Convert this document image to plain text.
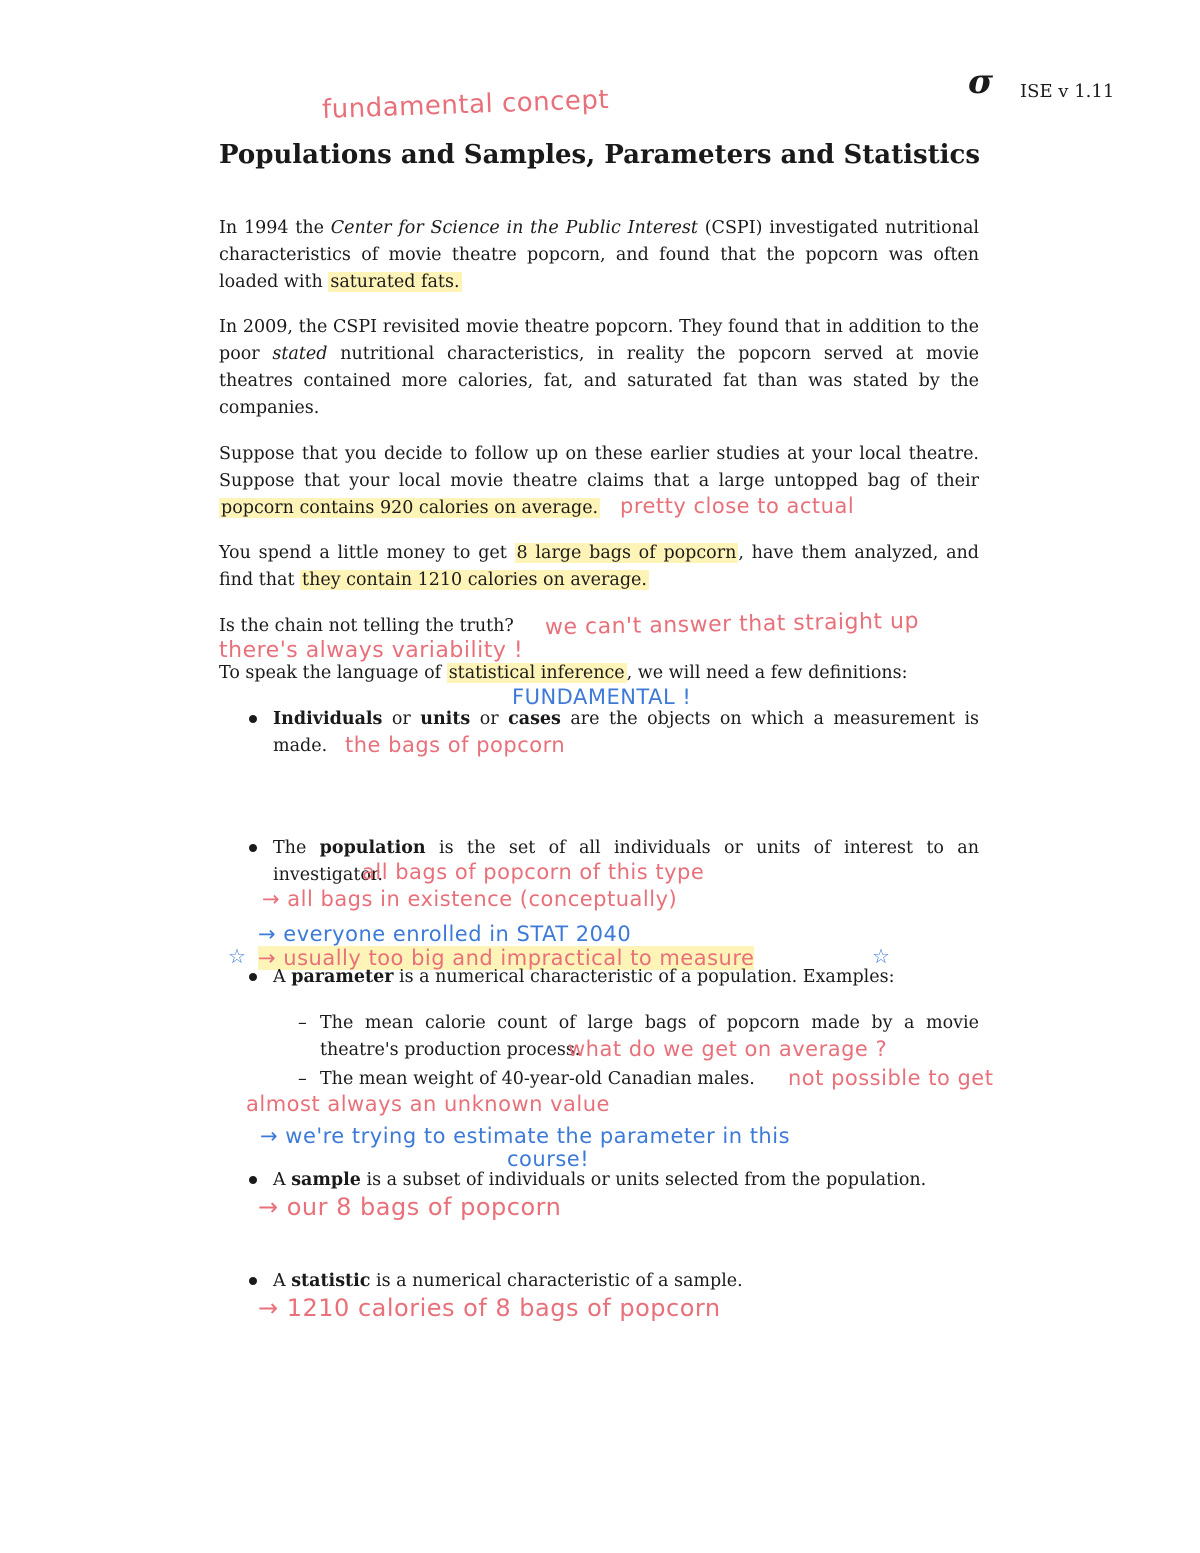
σ ISE v 1.11
fundamental concept
Populations and Samples, Parameters and Statistics
In 1994 the Center for Science in the Public Interest (CSPI) investigated nutritional characteristics of movie theatre popcorn, and found that the popcorn was often loaded with saturated fats.
In 2009, the CSPI revisited movie theatre popcorn. They found that in addition to the poor stated nutritional characteristics, in reality the popcorn served at movie theatres contained more calories, fat, and saturated fat than was stated by the companies.
Suppose that you decide to follow up on these earlier studies at your local theatre. Suppose that your local movie theatre claims that a large untopped bag of their popcorn contains 920 calories on average.	pretty close to actual
You spend a little money to get 8 large bags of popcorn , have them analyzed, and find that they contain 1210 calories on average.
Is the chain not telling the truth? we can't answer that straight up
there's always variability !
To speak the language of statistical inference , we will need a few definitions:
FUNDAMENTAL !
Individuals or units or cases are the objects on which a measurement is made. the bags of popcorn
The population is the set of all individuals or units of interest to an investigator.
all bags of popcorn of this type
→ all bags in existence (conceptually)
→ everyone enrolled in STAT 2040
☆ → usually too big and impractical to measure	☆
A parameter is a numerical characteristic of a population. Examples:
– The mean calorie count of large bags of popcorn made by a movie theatre's production process.
what do we get on average ?
– The mean weight of 40-year-old Canadian males. not possible to get
almost always an unknown value
→ we're trying to estimate the parameter in this
course!
A sample is a subset of individuals or units selected from the population.
→ our 8 bags of popcorn
A statistic is a numerical characteristic of a sample.
→ 1210 calories of 8 bags of popcorn
